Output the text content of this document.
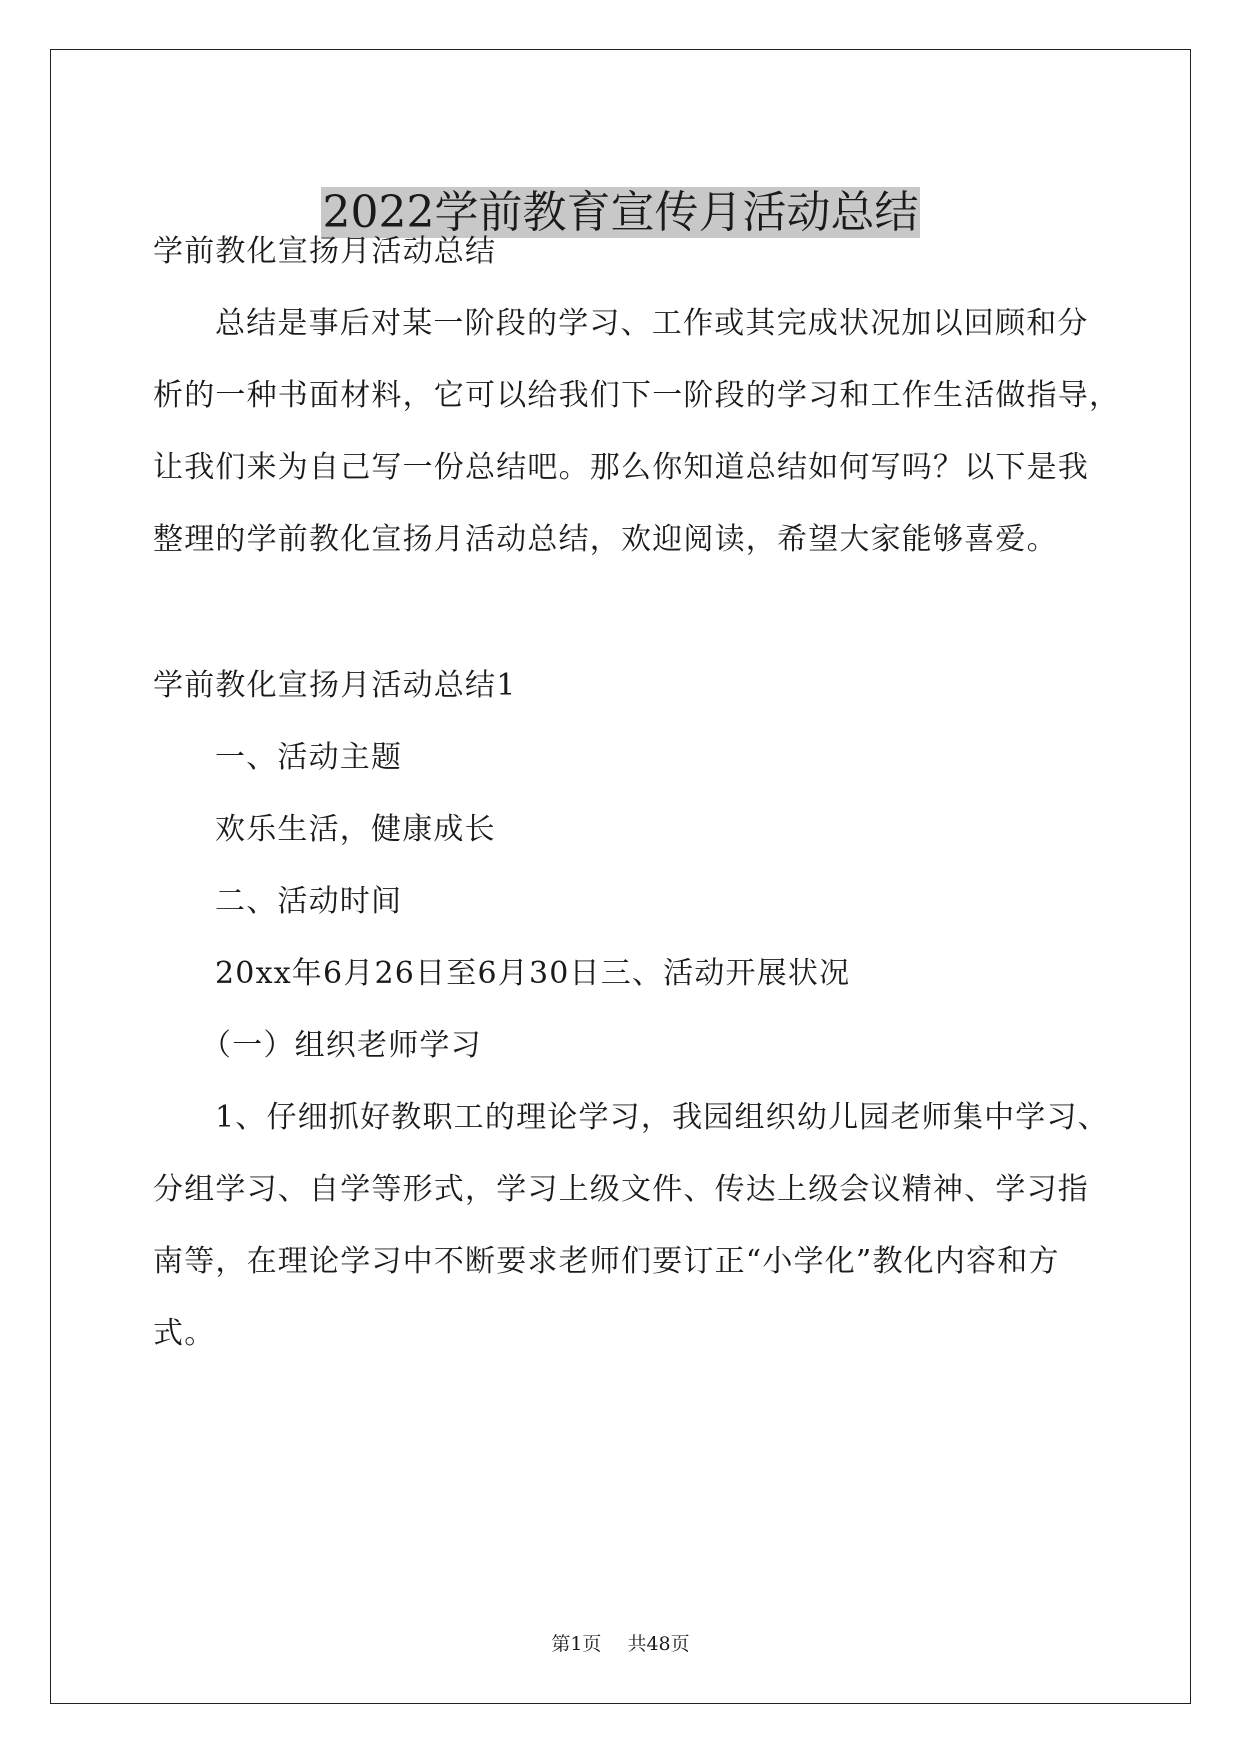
2022学前教育宣传月活动总结
学前教化宣扬月活动总结
总结是事后对某一阶段的学习、工作或其完成状况加以回顾和分
析的一种书面材料，它可以给我们下一阶段的学习和工作生活做指导，
让我们来为自己写一份总结吧。那么你知道总结如何写吗？以下是我
整理的学前教化宣扬月活动总结，欢迎阅读，希望大家能够喜爱。
学前教化宣扬月活动总结1
一、活动主题
欢乐生活，健康成长
二、活动时间
20xx年6月26日至6月30日三、活动开展状况
（一）组织老师学习
1、仔细抓好教职工的理论学习，我园组织幼儿园老师集中学习、
分组学习、自学等形式，学习上级文件、传达上级会议精神、学习指
南等，在理论学习中不断要求老师们要订正“小学化”教化内容和方
式。
第1页 共48页
